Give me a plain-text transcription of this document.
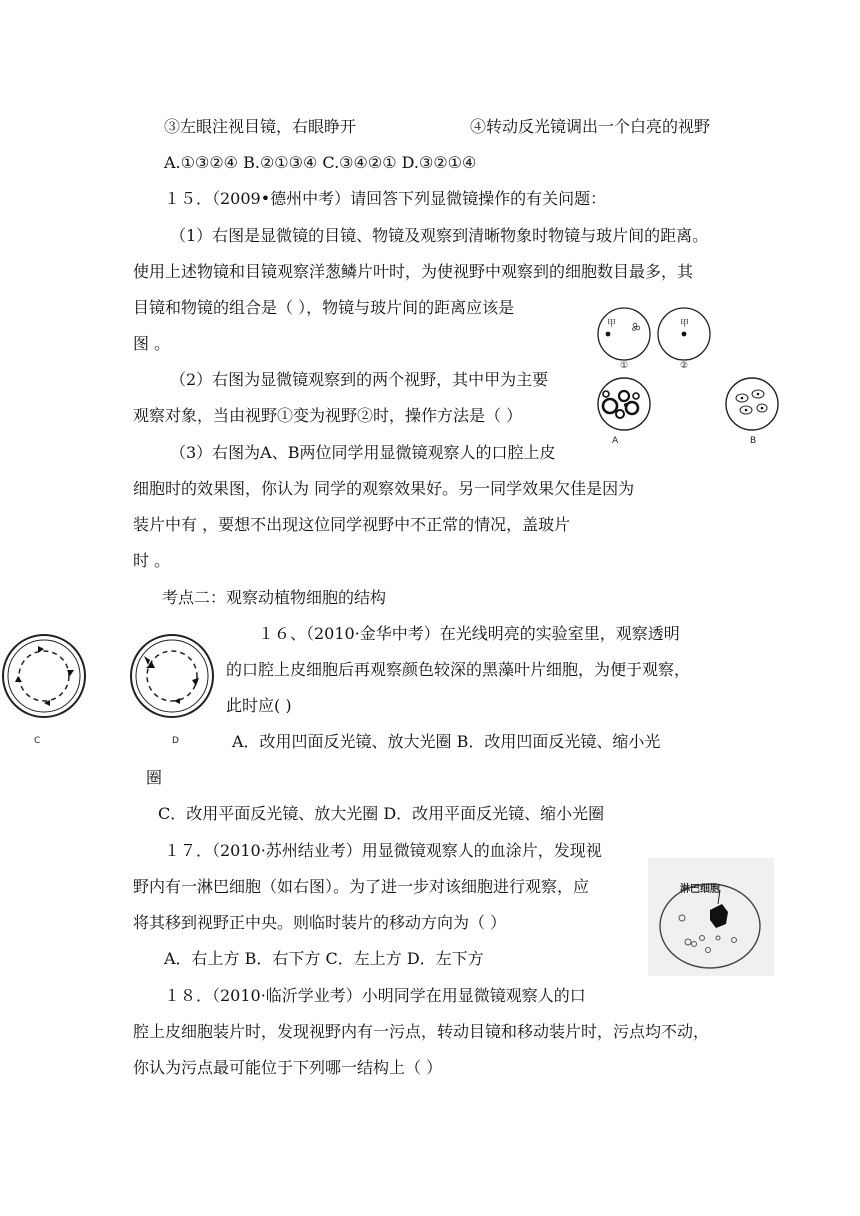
③左眼注视目镜，右眼睁开	④转动反光镜调出一个白亮的视野
A.①③②④ B.②①③④ C.③④②① D.③②①④
１５．（2009•德州中考）请回答下列显微镜操作的有关问题：
（1）右图是显微镜的目镜、物镜及观察到清晰物象时物镜与玻片间的距离。
使用上述物镜和目镜观察洋葱鳞片叶时，为使视野中观察到的细胞数目最多，其
目镜和物镜的组合是（ ），物镜与玻片间的距离应该是
图 。
（2）右图为显微镜观察到的两个视野，其中甲为主要
观察对象，当由视野①变为视野②时，操作方法是（ ）
（3）右图为A、B两位同学用显微镜观察人的口腔上皮
细胞时的效果图，你认为 同学的观察效果好。另一同学效果欠佳是因为
装片中有 ，要想不出现这位同学视野中不正常的情况，盖玻片
时 。
考点二：观察动植物细胞的结构
１６、（2010·金华中考）在光线明亮的实验室里，观察透明
的口腔上皮细胞后再观察颜色较深的黑藻叶片细胞，为便于观察，
此时应( )
A．改用凹面反光镜、放大光圈 B．改用凹面反光镜、缩小光
圈
C．改用平面反光镜、放大光圈 D．改用平面反光镜、缩小光圈
１７．（2010·苏州结业考）用显微镜观察人的血涂片，发现视
野内有一淋巴细胞（如右图）。为了进一步对该细胞进行观察，应
将其移到视野正中央。则临时装片的移动方向为（ ）
A．右上方 B．右下方 C．左上方 D．左下方
１８．（2010·临沂学业考）小明同学在用显微镜观察人的口
腔上皮细胞装片时，发现视野内有一污点，转动目镜和移动装片时，污点均不动，
你认为污点最可能位于下列哪一结构上（ ）
甲	甲
①	②
A	B
C	D
淋巴细胞
